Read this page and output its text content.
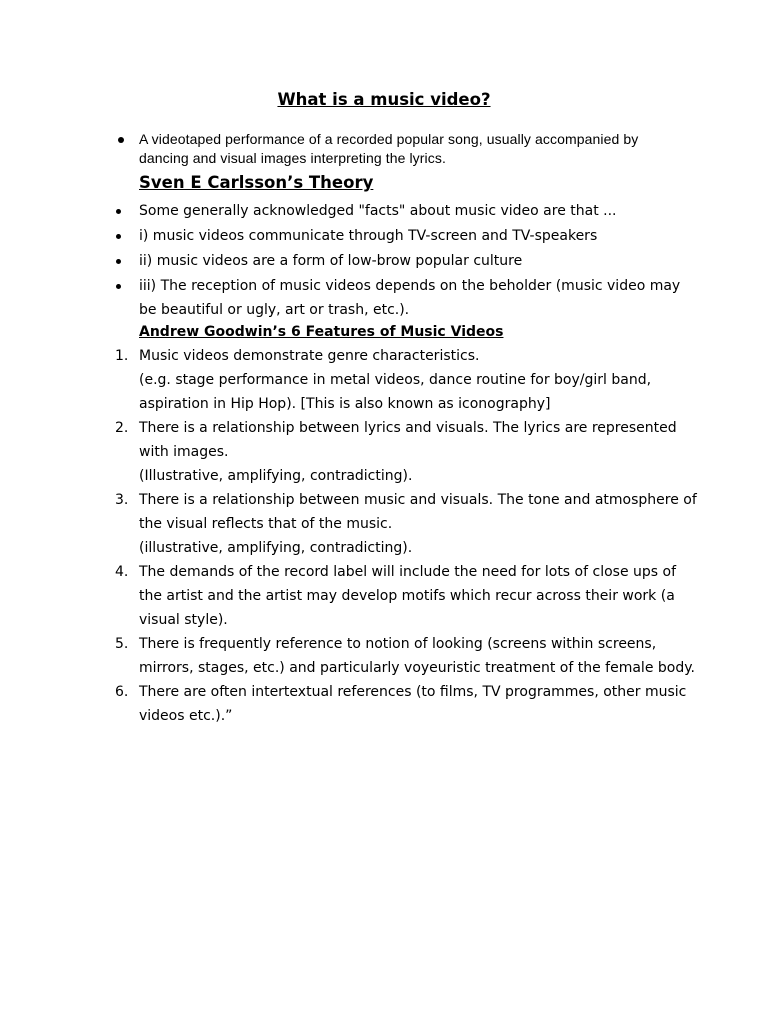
What is a music video?
A videotaped performance of a recorded popular song, usually accompanied by dancing and visual images interpreting the lyrics.
Sven E Carlsson’s Theory
Some generally acknowledged "facts" about music video are that ...
i) music videos communicate through TV-screen and TV-speakers
ii) music videos are a form of low-brow popular culture
iii) The reception of music videos depends on the beholder (music video may be beautiful or ugly, art or trash, etc.).
Andrew Goodwin’s 6 Features of Music Videos
1. Music videos demonstrate genre characteristics.
(e.g. stage performance in metal videos, dance routine for boy/girl band, aspiration in Hip Hop). [This is also known as iconography]
2. There is a relationship between lyrics and visuals. The lyrics are represented with images.
(Illustrative, amplifying, contradicting).
3. There is a relationship between music and visuals. The tone and atmosphere of the visual reflects that of the music.
(illustrative, amplifying, contradicting).
4. The demands of the record label will include the need for lots of close ups of the artist and the artist may develop motifs which recur across their work (a visual style).
5. There is frequently reference to notion of looking (screens within screens, mirrors, stages, etc.) and particularly voyeuristic treatment of the female body.
6. There are often intertextual references (to films, TV programmes, other music videos etc.).”
